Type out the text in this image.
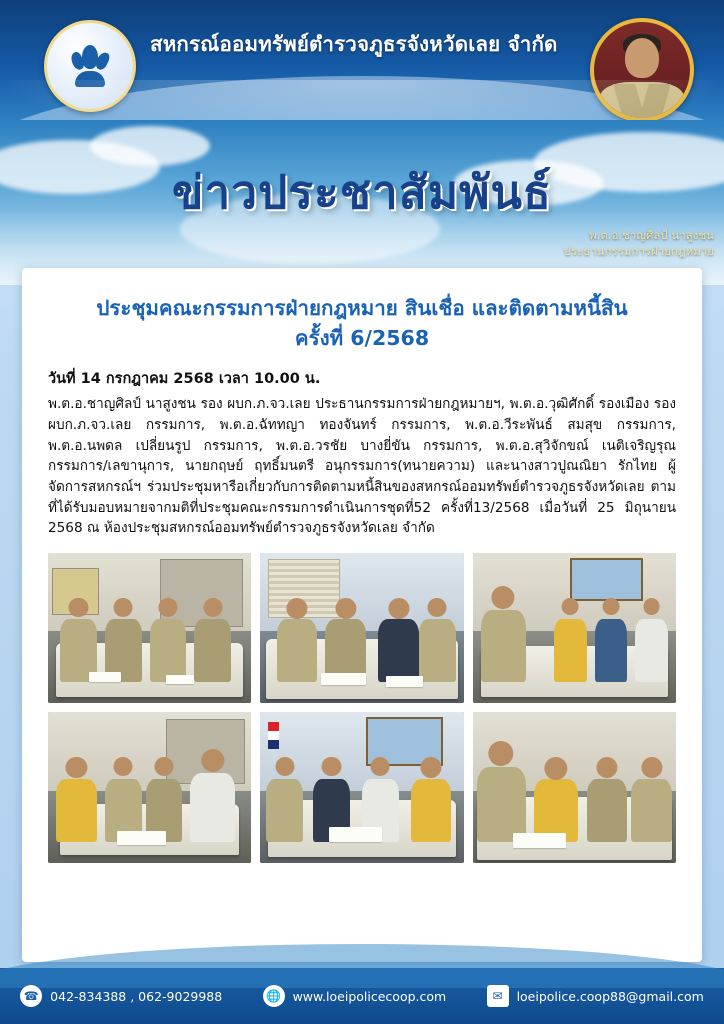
สหกรณ์ออมทรัพย์ตำรวจภูธรจังหวัดเลย จำกัด
ข่าวประชาสัมพันธ์
พ.ต.อ.ชาญศิลป์ นาสูงชน
ประธานกรรมการฝ่ายกฎหมาย
ประชุมคณะกรรมการฝ่ายกฎหมาย สินเชื่อ และติดตามหนี้สิน
ครั้งที่ 6/2568
วันที่ 14 กรกฎาคม 2568 เวลา 10.00 น.
พ.ต.อ.ชาญศิลป์ นาสูงชน รอง ผบก.ภ.จว.เลย ประธานกรรมการฝ่ายกฎหมายฯ, พ.ต.อ.วุฒิศักดิ์ รองเมือง รอง ผบก.ภ.จว.เลย กรรมการ, พ.ต.อ.ฉัททญา ทองจันทร์ กรรมการ, พ.ต.อ.วีระพันธ์ สมสุข กรรมการ, พ.ต.อ.นพดล เปลี่ยนรูป กรรมการ, พ.ต.อ.วรชัย บางยี่ขัน กรรมการ, พ.ต.อ.สุวิจักขณ์ เนติเจริญรุณ กรรมการ/เลขานุการ, นายกฤษย์ ฤทธิ์มนตรี อนุกรรมการ(ทนายความ) และนางสาวปูณณิยา รักไทย ผู้จัดการสหกรณ์ฯ ร่วมประชุมหารือเกี่ยวกับการติดตามหนี้สินของสหกรณ์ออมทรัพย์ตำรวจภูธรจังหวัดเลย ตามที่ได้รับมอบหมายจากมติที่ประชุมคณะกรรมการดำเนินการชุดที่52 ครั้งที่13/2568 เมื่อวันที่ 25 มิถุนายน 2568 ณ ห้องประชุมสหกรณ์ออมทรัพย์ตำรวจภูธรจังหวัดเลย จำกัด
☎ 042-834388 , 062-9029988	🌐 www.loeipolicecoop.com	✉	loeipolice.coop88@gmail.com
